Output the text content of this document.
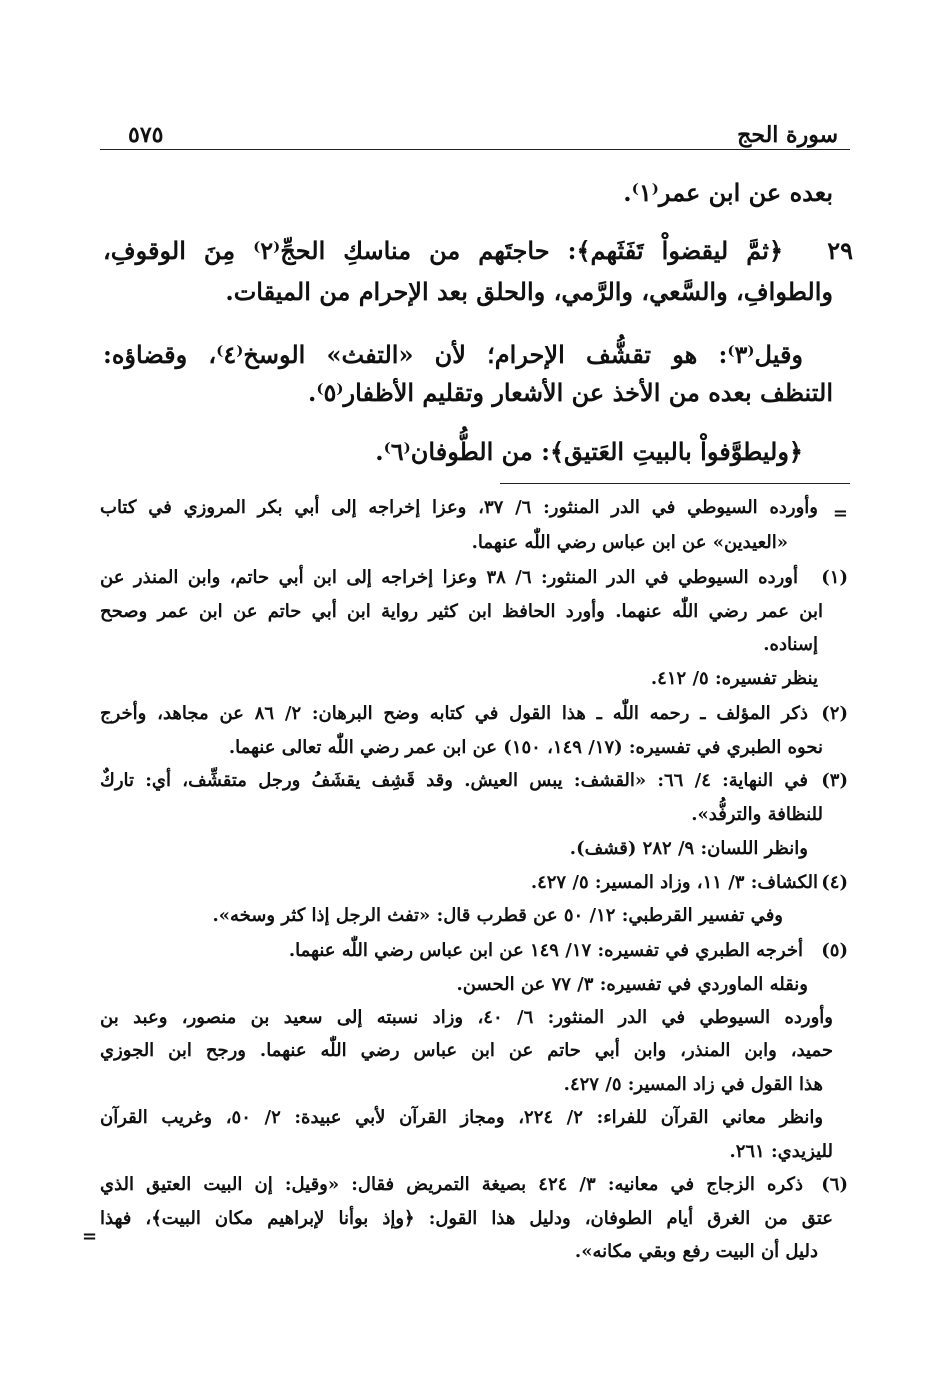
سورة الحج
٥٧٥
بعده عن ابن عمر⁽١⁾.
٢٩
﴿ثمَّ ليقضواْ تَفَثَهم﴾: حاجتَهم من مناسكِ الحجِّ⁽٢⁾ مِنَ الوقوفِ،
والطوافِ، والسَّعي، والرَّمي، والحلق بعد الإحرام من الميقات.
وقيل⁽٣⁾: هو تقشُّف الإحرام؛ لأن «التفث» الوسخ⁽٤⁾، وقضاؤه:
التنظف بعده من الأخذ عن الأشعار وتقليم الأظفار⁽٥⁾.
﴿وليطوَّفواْ بالبيتِ العَتيق﴾: من الطُّوفان⁽٦⁾.
=
وأورده السيوطي في الدر المنثور: ٦/ ٣٧، وعزا إخراجه إلى أبي بكر المروزي في كتاب
«العيدين» عن ابن عباس رضي اللّٰه عنهما.
(١)
أورده السيوطي في الدر المنثور: ٦/ ٣٨ وعزا إخراجه إلى ابن أبي حاتم، وابن المنذر عن
ابن عمر رضي اللّٰه عنهما. وأورد الحافظ ابن كثير رواية ابن أبي حاتم عن ابن عمر وصحح
إسناده.
ينظر تفسيره: ٥/ ٤١٢.
(٢)
ذكر المؤلف ـ رحمه اللّٰه ـ هذا القول في كتابه وضح البرهان: ٢/ ٨٦ عن مجاهد، وأخرج
نحوه الطبري في تفسيره: (١٧/ ١٤٩، ١٥٠) عن ابن عمر رضي اللّٰه تعالى عنهما.
(٣)
في النهاية: ٤/ ٦٦: «القشف: يبس العيش. وقد قَشِف يقشَفُ ورجل متقشِّف، أي: تاركٌ
للنظافة والترفُّد».
وانظر اللسان: ٩/ ٢٨٢ (قشف).
(٤)
الكشاف: ٣/ ١١، وزاد المسير: ٥/ ٤٢٧.
وفي تفسير القرطبي: ١٢/ ٥٠ عن قطرب قال: «تفث الرجل إذا كثر وسخه».
(٥)
أخرجه الطبري في تفسيره: ١٧/ ١٤٩ عن ابن عباس رضي اللّٰه عنهما.
ونقله الماوردي في تفسيره: ٣/ ٧٧ عن الحسن.
وأورده السيوطي في الدر المنثور: ٦/ ٤٠، وزاد نسبته إلى سعيد بن منصور، وعبد بن
حميد، وابن المنذر، وابن أبي حاتم عن ابن عباس رضي اللّٰه عنهما. ورجح ابن الجوزي
هذا القول في زاد المسير: ٥/ ٤٢٧.
وانظر معاني القرآن للفراء: ٢/ ٢٢٤، ومجاز القرآن لأبي عبيدة: ٢/ ٥٠، وغريب القرآن
لليزيدي: ٢٦١.
(٦)
ذكره الزجاج في معانيه: ٣/ ٤٢٤ بصيغة التمريض فقال: «وقيل: إن البيت العتيق الذي
عتق من الغرق أيام الطوفان، ودليل هذا القول: ﴿وإذ بوأنا لإبراهيم مكان البيت﴾، فهذا
دليل أن البيت رفع وبقي مكانه».
=
